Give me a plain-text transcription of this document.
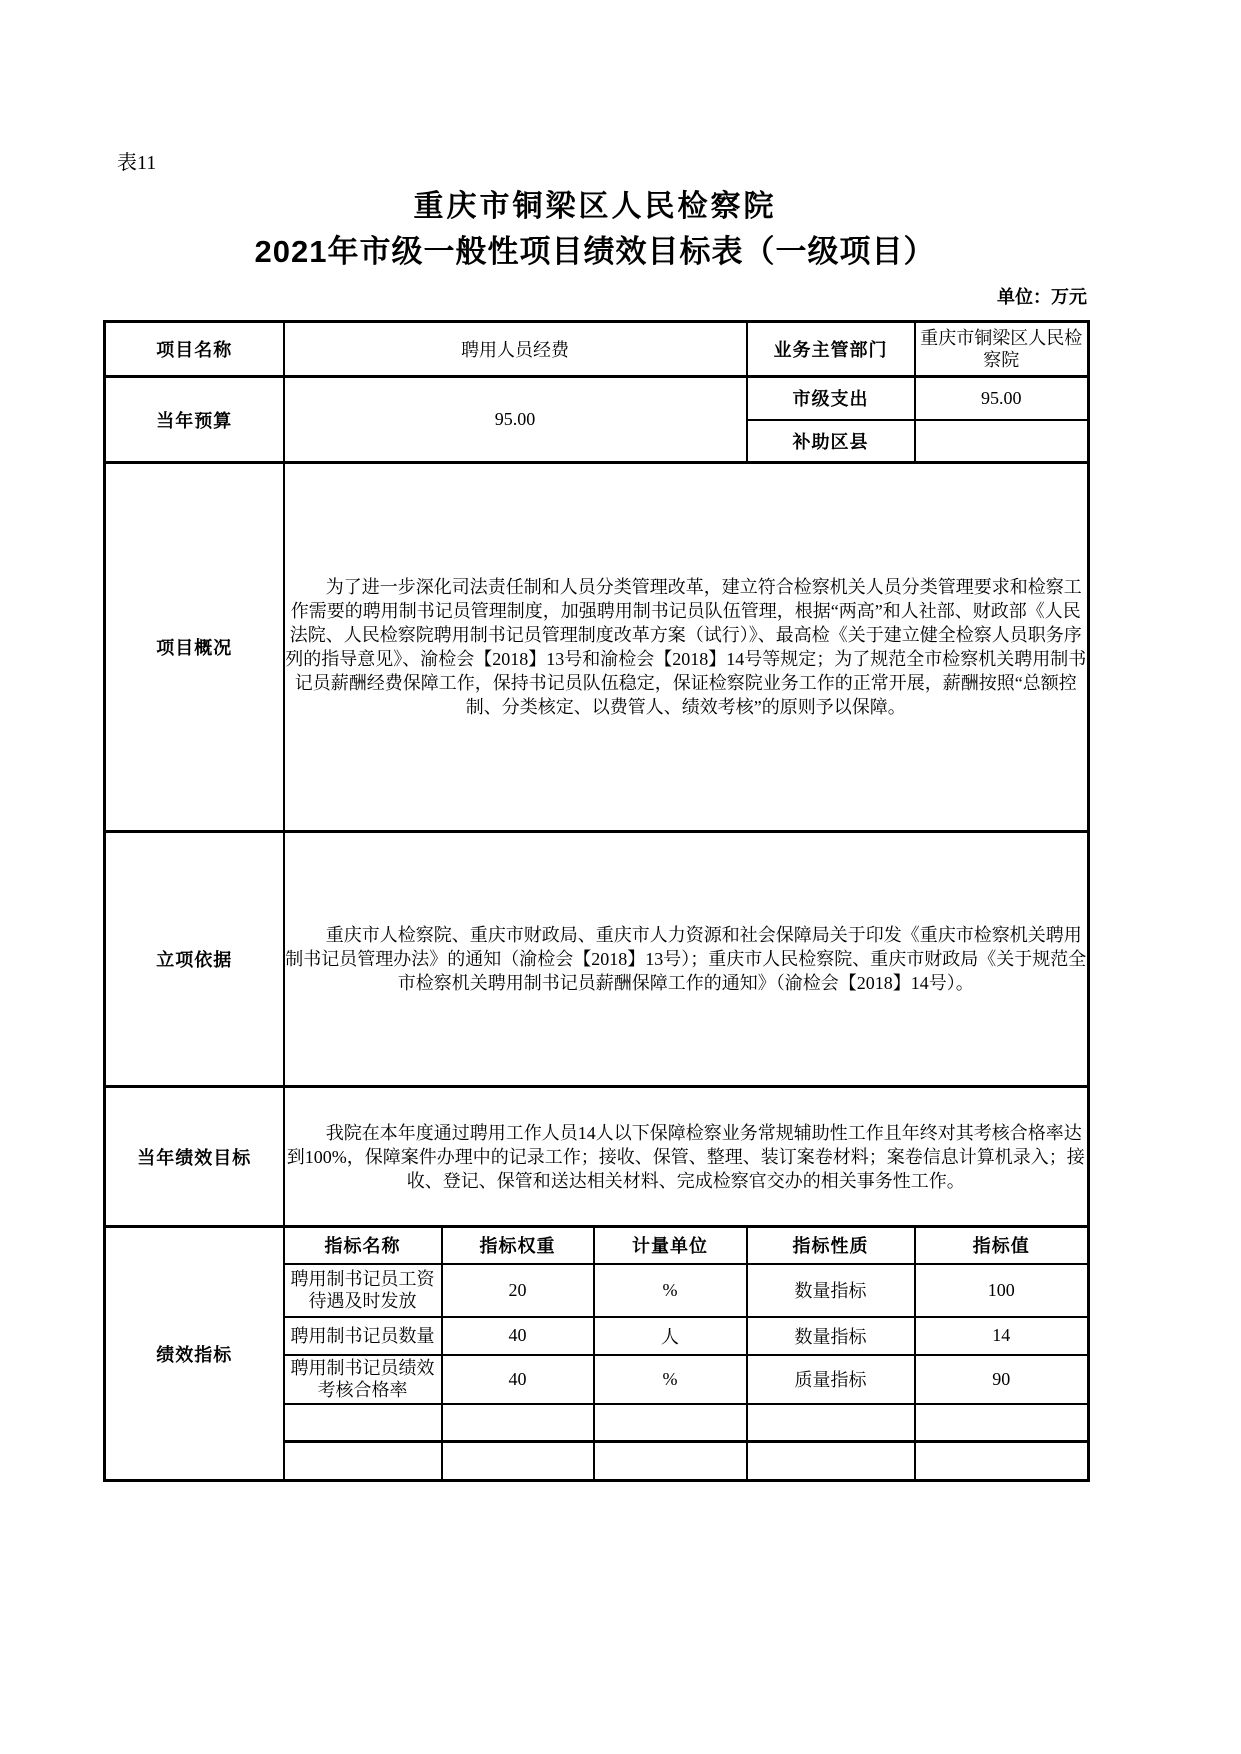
表11
重庆市铜梁区人民检察院
2021年市级一般性项目绩效目标表（一级项目）
单位：万元
项目名称	聘用人员经费			业务主管部门	重庆市铜梁区人民检察院
当年预算	95.00			市级支出	95.00
				补助区县	
项目概况	为了进一步深化司法责任制和人员分类管理改革，建立符合检察机关人员分类管理要求和检察工作需要的聘用制书记员管理制度，加强聘用制书记员队伍管理，根据“两高”和人社部、财政部《人民法院、人民检察院聘用制书记员管理制度改革方案（试行）》、最高检《关于建立健全检察人员职务序列的指导意见》、渝检会【2018】13号和渝检会【2018】14号等规定；为了规范全市检察机关聘用制书记员薪酬经费保障工作，保持书记员队伍稳定，保证检察院业务工作的正常开展，薪酬按照“总额控制、分类核定、以费管人、绩效考核”的原则予以保障。				

立项依据	重庆市人检察院、重庆市财政局、重庆市人力资源和社会保障局关于印发《重庆市检察机关聘用制书记员管理办法》的通知（渝检会【2018】13号）；重庆市人民检察院、重庆市财政局《关于规范全市检察机关聘用制书记员薪酬保障工作的通知》（渝检会【2018】14号）。				

当年绩效目标	我院在本年度通过聘用工作人员14人以下保障检察业务常规辅助性工作且年终对其考核合格率达到100%，保障案件办理中的记录工作；接收、保管、整理、装订案卷材料；案卷信息计算机录入；接收、登记、保管和送达相关材料、完成检察官交办的相关事务性工作。				

绩效指标	指标名称	指标权重	计量单位	指标性质	指标值

	聘用制书记员工资待遇及时发放	20	%	数量指标	100

	聘用制书记员数量	40	人	数量指标	14

	聘用制书记员绩效考核合格率	40	%	质量指标	90
